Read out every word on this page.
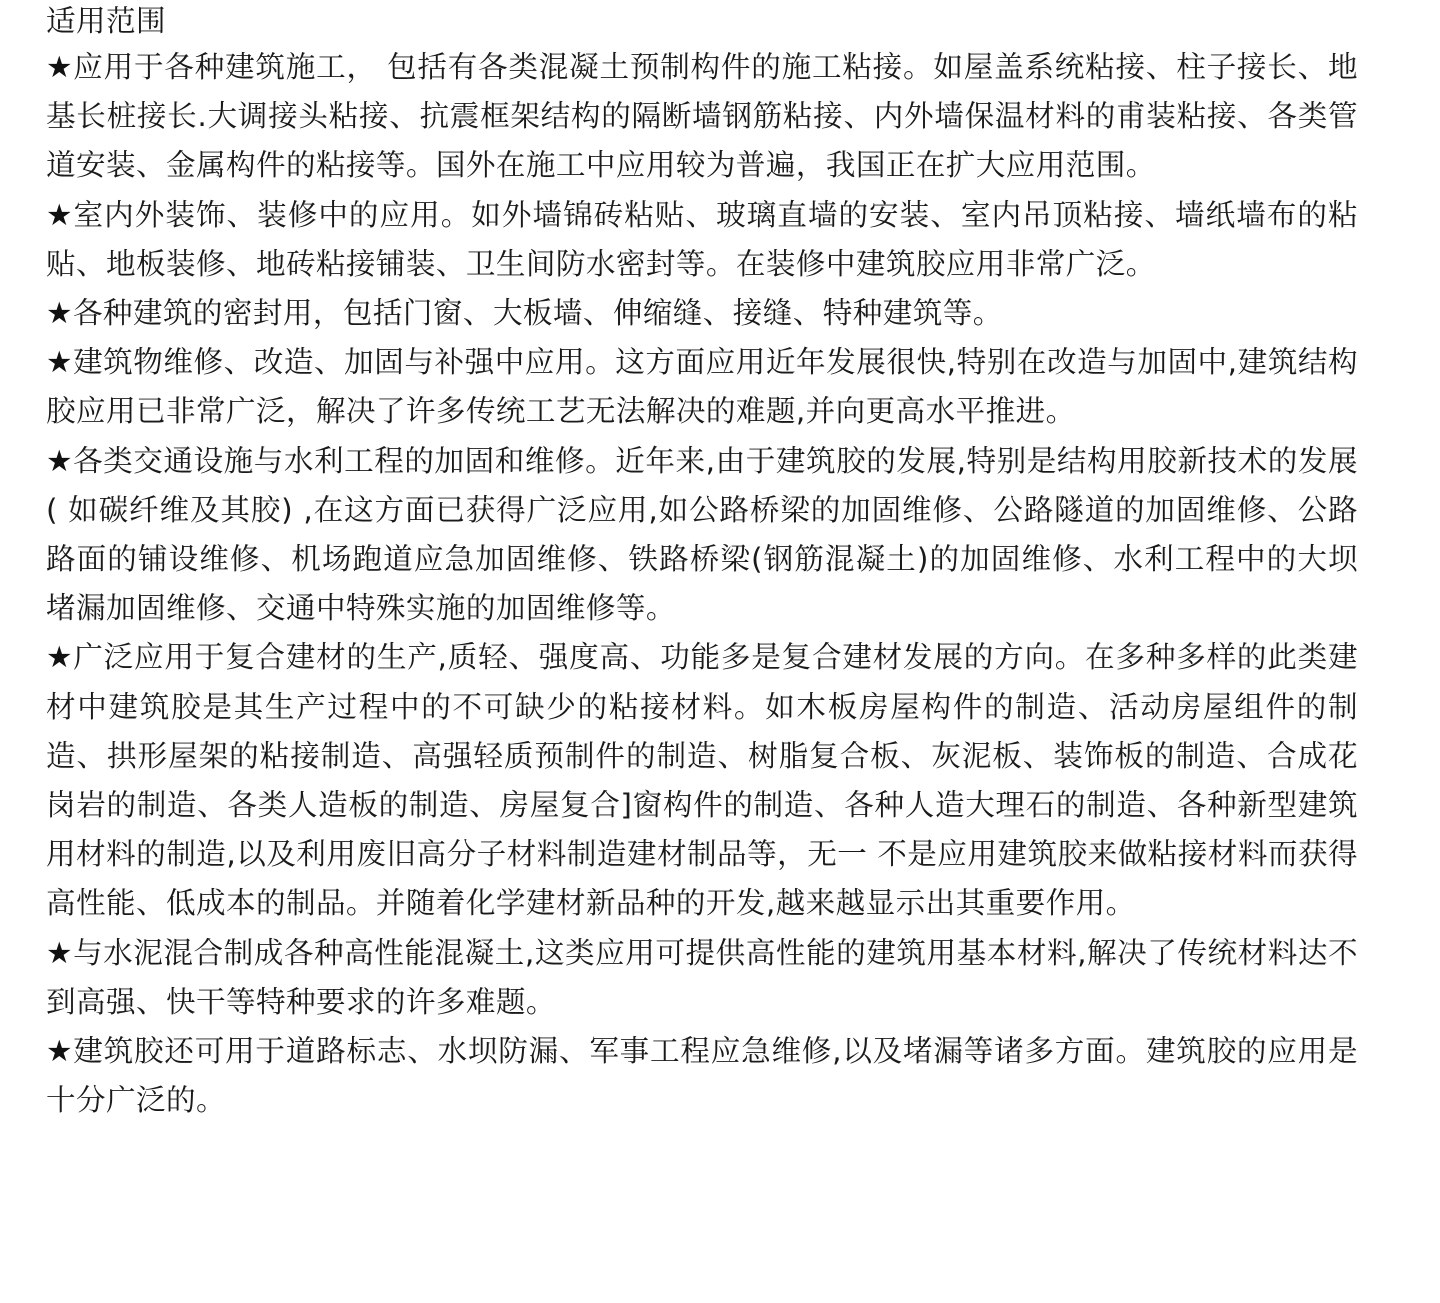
适用范围

★应用于各种建筑施工， 包括有各类混凝土预制构件的施工粘接。如屋盖系统粘接、柱子接长、地基长桩接长.大调接头粘接、抗震框架结构的隔断墙钢筋粘接、内外墙保温材料的甫装粘接、各类管道安装、金属构件的粘接等。国外在施工中应用较为普遍，我国正在扩大应用范围。

★室内外装饰、装修中的应用。如外墙锦砖粘贴、玻璃直墙的安装、室内吊顶粘接、墙纸墙布的粘贴、地板装修、地砖粘接铺装、卫生间防水密封等。在装修中建筑胶应用非常广泛。

★各种建筑的密封用，包括门窗、大板墙、伸缩缝、接缝、特种建筑等。

★建筑物维修、改造、加固与补强中应用。这方面应用近年发展很快,特别在改造与加固中,建筑结构胶应用已非常广泛，解决了许多传统工艺无法解决的难题,并向更高水平推进。

★各类交通设施与水利工程的加固和维修。近年来,由于建筑胶的发展,特别是结构用胶新技术的发展( 如碳纤维及其胶) ,在这方面已获得广泛应用,如公路桥梁的加固维修、公路隧道的加固维修、公路路面的铺设维修、机场跑道应急加固维修、铁路桥梁(钢筋混凝土)的加固维修、水利工程中的大坝堵漏加固维修、交通中特殊实施的加固维修等。

★广泛应用于复合建材的生产,质轻、强度高、功能多是复合建材发展的方向。在多种多样的此类建材中建筑胶是其生产过程中的不可缺少的粘接材料。如木板房屋构件的制造、活动房屋组件的制造、拱形屋架的粘接制造、高强轻质预制件的制造、树脂复合板、灰泥板、装饰板的制造、合成花岗岩的制造、各类人造板的制造、房屋复合]窗构件的制造、各种人造大理石的制造、各种新型建筑用材料的制造,以及利用废旧高分子材料制造建材制品等，无一 不是应用建筑胶来做粘接材料而获得高性能、低成本的制品。并随着化学建材新品种的开发,越来越显示出其重要作用。

★与水泥混合制成各种高性能混凝土,这类应用可提供高性能的建筑用基本材料,解决了传统材料达不到高强、快干等特种要求的许多难题。

★建筑胶还可用于道路标志、水坝防漏、军事工程应急维修,以及堵漏等诸多方面。建筑胶的应用是十分广泛的。
